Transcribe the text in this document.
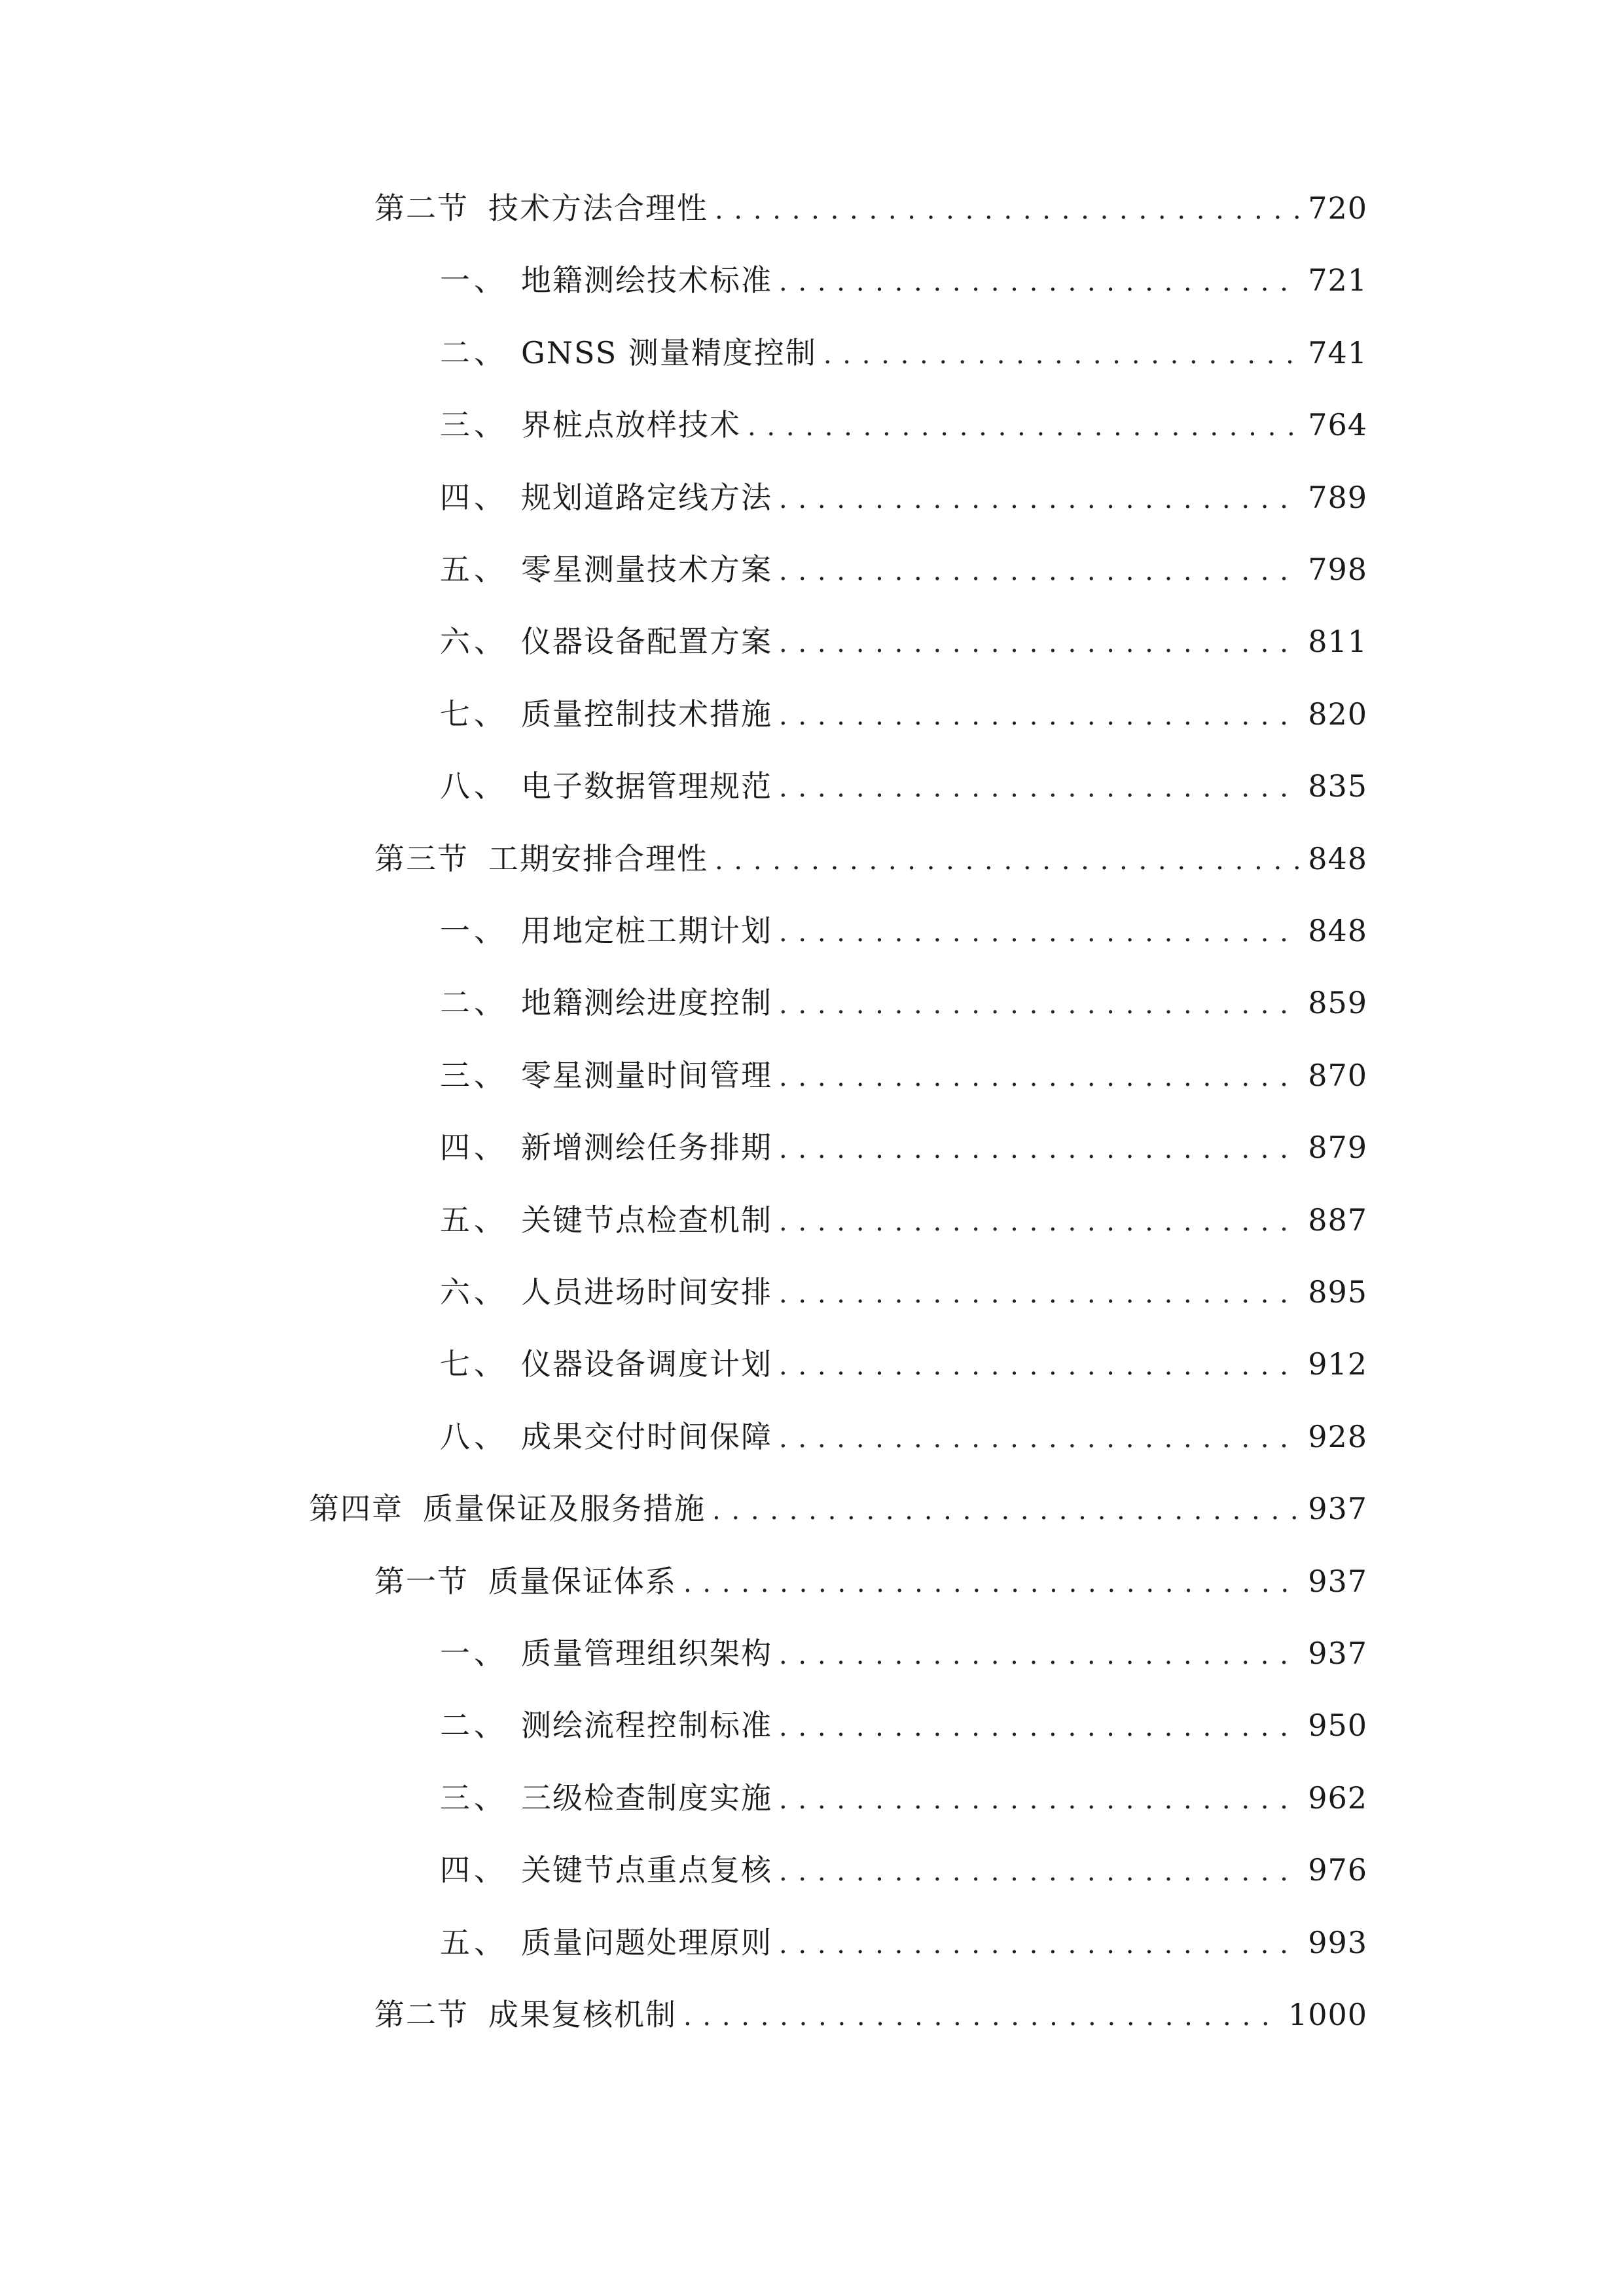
第二节 技术方法合理性 . . .	720
一、 地籍测绘技术标准 . . .	721
二、 GNSS 测量精度控制 . . .	741
三、 界桩点放样技术 . . .	764
四、 规划道路定线方法 . . .	789
五、 零星测量技术方案 . . .	798
六、 仪器设备配置方案 . . .	811
七、 质量控制技术措施 . . .	820
八、 电子数据管理规范 . . .	835
第三节 工期安排合理性 . . .	848
一、 用地定桩工期计划 . . .	848
二、 地籍测绘进度控制 . . .	859
三、 零星测量时间管理 . . .	870
四、 新增测绘任务排期 . . .	879
五、 关键节点检查机制 . . .	887
六、 人员进场时间安排 . . .	895
七、 仪器设备调度计划 . . .	912
八、 成果交付时间保障 . . .	928
第四章 质量保证及服务措施 . . .	937
第一节 质量保证体系 . . .	937
一、 质量管理组织架构 . . .	937
二、 测绘流程控制标准 . . .	950
三、 三级检查制度实施 . . .	962
四、 关键节点重点复核 . . .	976
五、 质量问题处理原则 . . .	993
第二节 成果复核机制 . . .	1000
